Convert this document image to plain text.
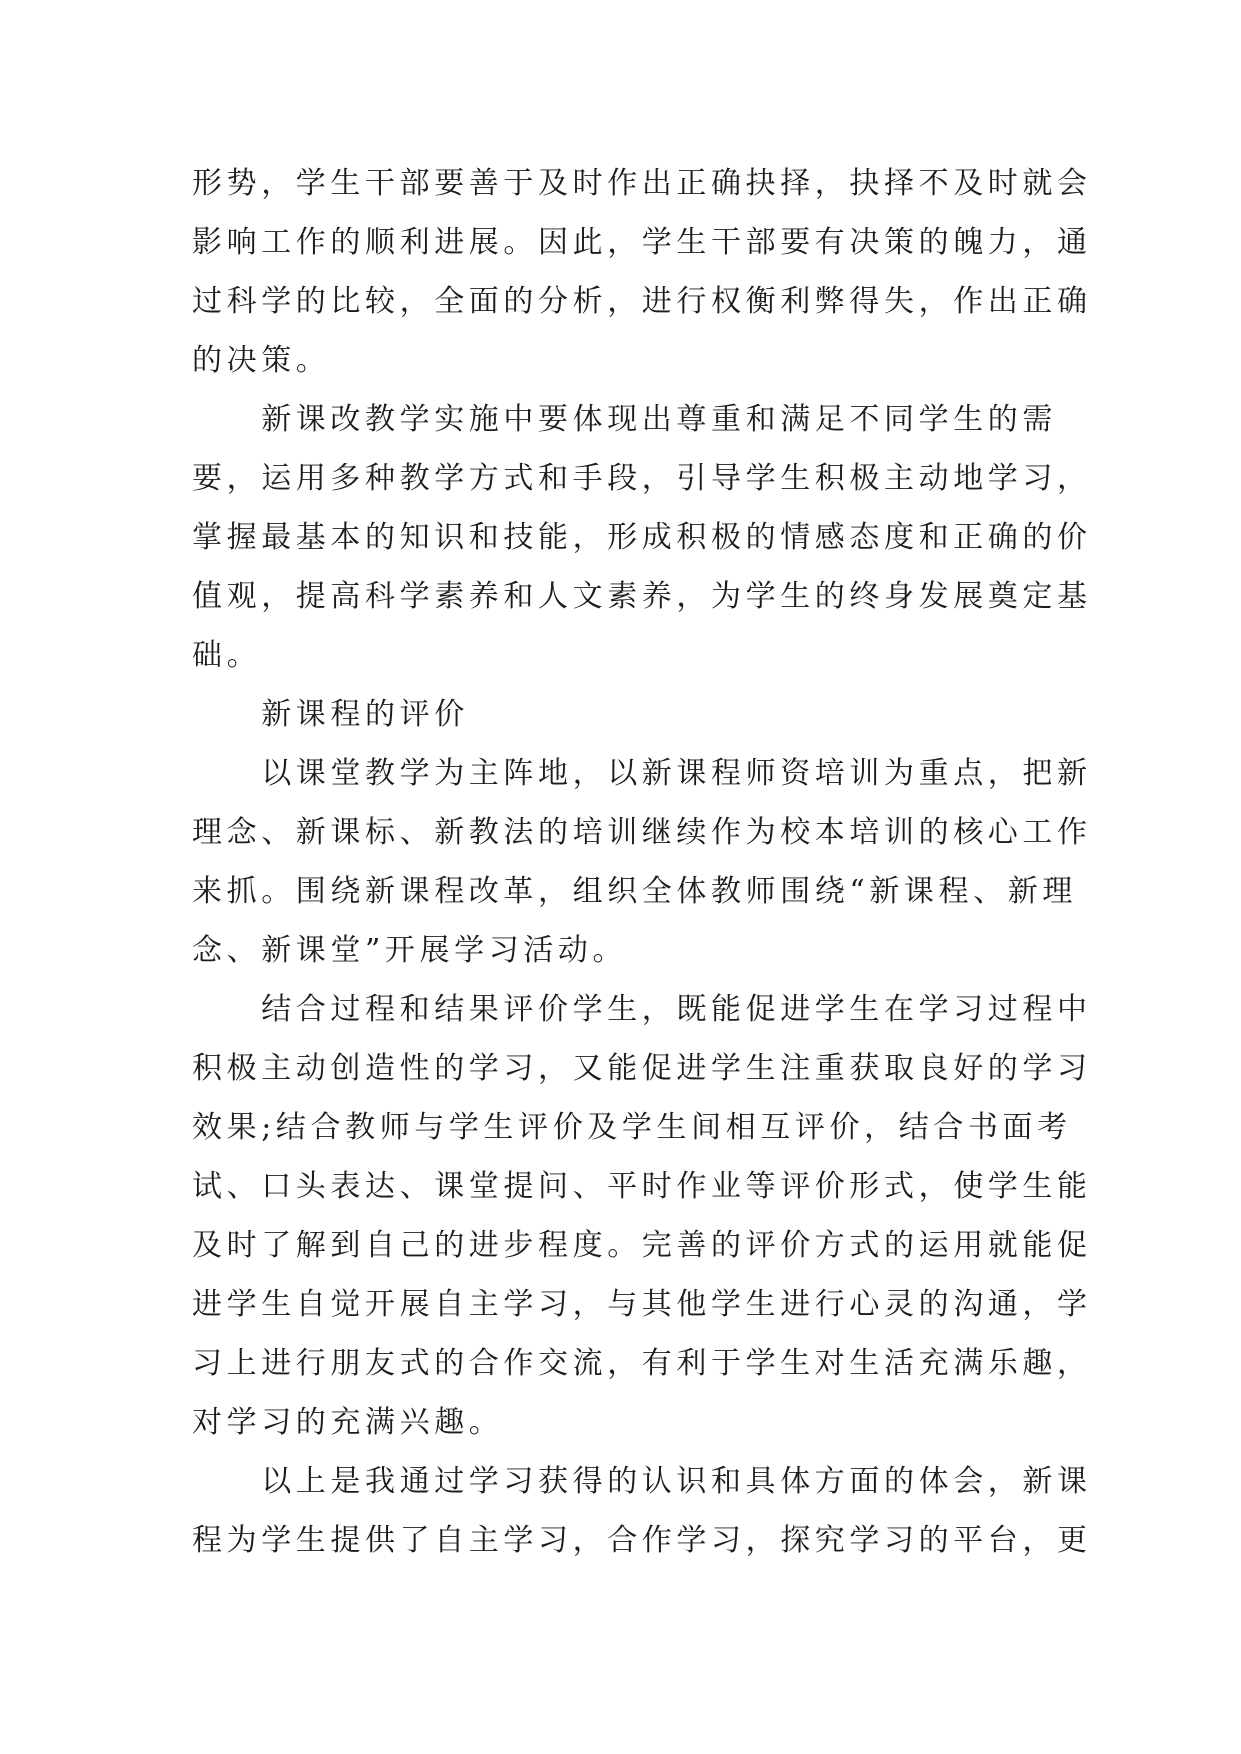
形势，学生干部要善于及时作出正确抉择，抉择不及时就会
影响工作的顺利进展。因此，学生干部要有决策的魄力，通
过科学的比较，全面的分析，进行权衡利弊得失，作出正确
的决策。
　　新课改教学实施中要体现出尊重和满足不同学生的需
要，运用多种教学方式和手段，引导学生积极主动地学习，
掌握最基本的知识和技能，形成积极的情感态度和正确的价
值观，提高科学素养和人文素养，为学生的终身发展奠定基
础。
　　新课程的评价
　　以课堂教学为主阵地，以新课程师资培训为重点，把新
理念、新课标、新教法的培训继续作为校本培训的核心工作
来抓。围绕新课程改革，组织全体教师围绕“新课程、新理
念、新课堂”开展学习活动。
　　结合过程和结果评价学生，既能促进学生在学习过程中
积极主动创造性的学习，又能促进学生注重获取良好的学习
效果;结合教师与学生评价及学生间相互评价，结合书面考
试、口头表达、课堂提问、平时作业等评价形式，使学生能
及时了解到自己的进步程度。完善的评价方式的运用就能促
进学生自觉开展自主学习，与其他学生进行心灵的沟通，学
习上进行朋友式的合作交流，有利于学生对生活充满乐趣，
对学习的充满兴趣。
　　以上是我通过学习获得的认识和具体方面的体会，新课
程为学生提供了自主学习，合作学习，探究学习的平台，更
